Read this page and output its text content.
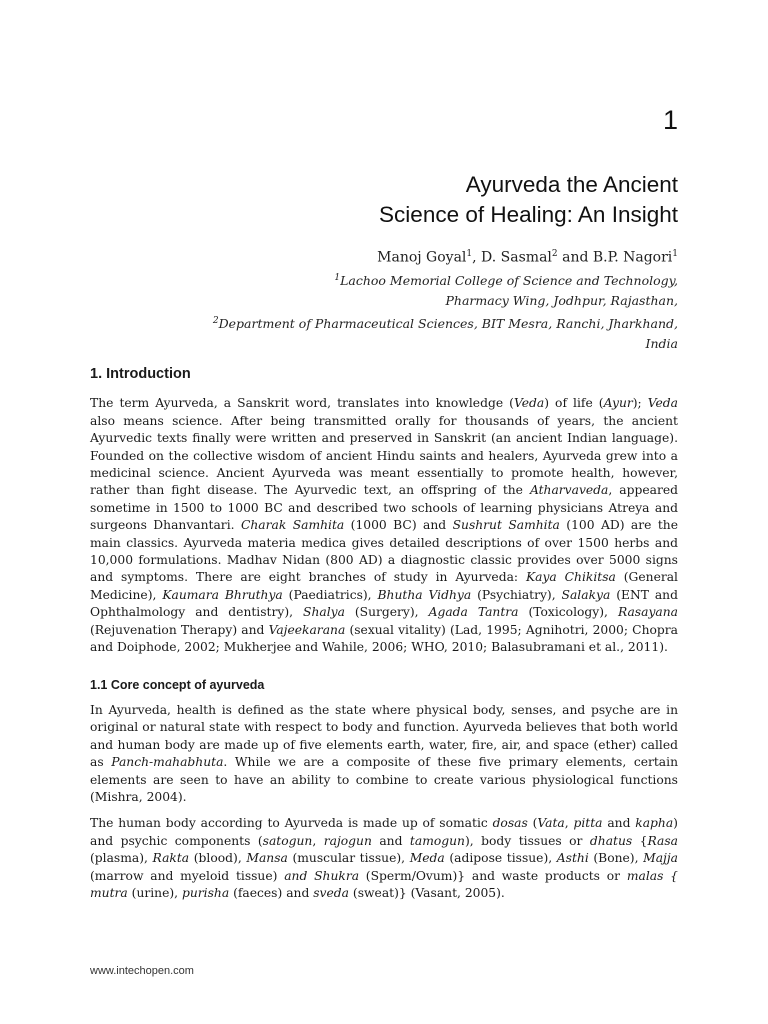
1
Ayurveda the Ancient
Science of Healing: An Insight
Manoj Goyal$^1$, D. Sasmal$^2$ and B.P. Nagori$^1$
$^1$Lachoo Memorial College of Science and Technology,
Pharmacy Wing, Jodhpur, Rajasthan,
$^2$Department of Pharmaceutical Sciences, BIT Mesra, Ranchi, Jharkhand,
India
1. Introduction

The term Ayurveda, a Sanskrit word, translates into knowledge (Veda) of life (Ayur); Veda also means science. After being transmitted orally for thousands of years, the ancient Ayurvedic texts finally were written and preserved in Sanskrit (an ancient Indian language). Founded on the collective wisdom of ancient Hindu saints and healers, Ayurveda grew into a medicinal science. Ancient Ayurveda was meant essentially to promote health, however, rather than fight disease. The Ayurvedic text, an offspring of the Atharvaveda, appeared sometime in 1500 to 1000 BC and described two schools of learning physicians Atreya and surgeons Dhanvantari. Charak Samhita (1000 BC) and Sushrut Samhita (100 AD) are the main classics. Ayurveda materia medica gives detailed descriptions of over 1500 herbs and 10,000 formulations. Madhav Nidan (800 AD) a diagnostic classic provides over 5000 signs and symptoms. There are eight branches of study in Ayurveda: Kaya Chikitsa (General Medicine), Kaumara Bhruthya (Paediatrics), Bhutha Vidhya (Psychiatry), Salakya (ENT and Ophthalmology and dentistry), Shalya (Surgery), Agada Tantra (Toxicology), Rasayana (Rejuvenation Therapy) and Vajeekarana (sexual vitality) (Lad, 1995; Agnihotri, 2000; Chopra and Doiphode, 2002; Mukherjee and Wahile, 2006; WHO, 2010; Balasubramani et al., 2011).

1.1 Core concept of ayurveda

In Ayurveda, health is defined as the state where physical body, senses, and psyche are in original or natural state with respect to body and function. Ayurveda believes that both world and human body are made up of five elements earth, water, fire, air, and space (ether) called as Panch-mahabhuta. While we are a composite of these five primary elements, certain elements are seen to have an ability to combine to create various physiological functions (Mishra, 2004).

The human body according to Ayurveda is made up of somatic dosas (Vata, pitta and kapha) and psychic components (satogun, rajogun and tamogun), body tissues or dhatus {Rasa (plasma), Rakta (blood), Mansa (muscular tissue), Meda (adipose tissue), Asthi (Bone), Majja (marrow and myeloid tissue) and Shukra (Sperm/Ovum)} and waste products or malas { mutra (urine), purisha (faeces) and sveda (sweat)} (Vasant, 2005).

www.intechopen.com
